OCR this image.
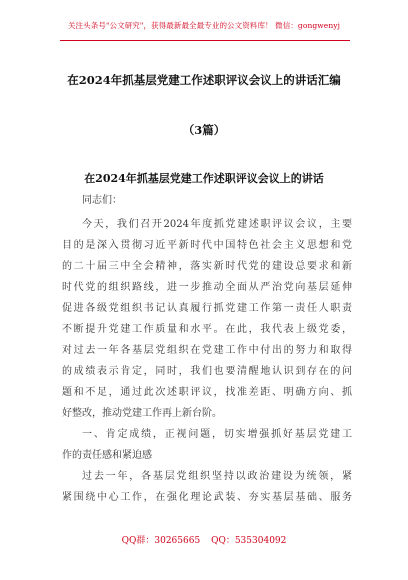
关注头条号"公文研究"，获得最新最全最专业的公文资料库！ 微信：gongwenyj
在2024年抓基层党建工作述职评议会议上的讲话汇编
（3篇）
在2024年抓基层党建工作述职评议会议上的讲话
同志们：
今天，我们召开2024年度抓党建述职评议会议，主要
目的是深入贯彻习近平新时代中国特色社会主义思想和党
的二十届三中全会精神，落实新时代党的建设总要求和新
时代党的组织路线，进一步推动全面从严治党向基层延伸
促进各级党组织书记认真履行抓党建工作第一责任人职责
不断提升党建工作质量和水平。在此，我代表上级党委，
对过去一年各基层党组织在党建工作中付出的努力和取得
的成绩表示肯定，同时，我们也要清醒地认识到存在的问
题和不足，通过此次述职评议，找准差距、明确方向、抓
好整改，推动党建工作再上新台阶。
一、肯定成绩，正视问题，切实增强抓好基层党建工
作的责任感和紧迫感
过去一年，各基层党组织坚持以政治建设为统领，紧
紧围绕中心工作，在强化理论武装、夯实基层基础、服务
QQ群：30265665 QQ：535304092
